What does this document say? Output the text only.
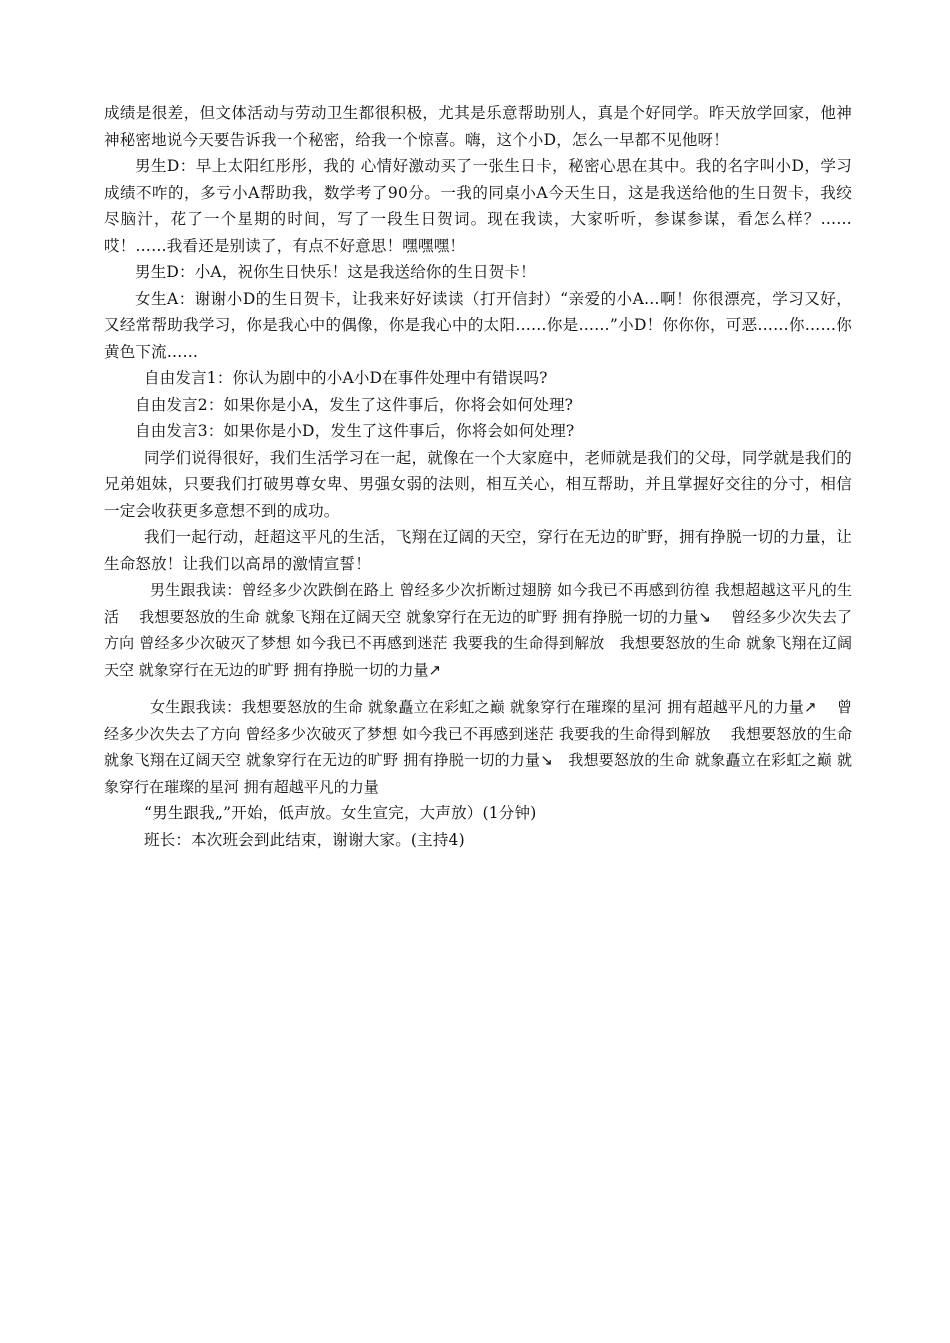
成绩是很差，但文体活动与劳动卫生都很积极，尤其是乐意帮助别人，真是个好同学。昨天放学回家，他神神秘密地说今天要告诉我一个秘密，给我一个惊喜。嗨，这个小D，怎么一早都不见他呀！

男生D：早上太阳红彤彤，我的 心情好激动买了一张生日卡，秘密心思在其中。我的名字叫小D，学习成绩不咋的，多亏小A帮助我，数学考了90分。一我的同桌小A今天生日，这是我送给他的生日贺卡，我绞尽脑汁，花了一个星期的时间，写了一段生日贺词。现在我读，大家听听，参谋参谋，看怎么样？……哎！……我看还是别读了，有点不好意思！嘿嘿嘿！

男生D：小A，祝你生日快乐！这是我送给你的生日贺卡！

女生A：谢谢小D的生日贺卡，让我来好好读读（打开信封）“亲爱的小A…啊！你很漂亮，学习又好，又经常帮助我学习，你是我心中的偶像，你是我心中的太阳……你是……”小D！你你你，可恶……你……你黄色下流……

自由发言1：你认为剧中的小A小D在事件处理中有错误吗?

自由发言2：如果你是小A，发生了这件事后，你将会如何处理?

自由发言3：如果你是小D，发生了这件事后，你将会如何处理?

同学们说得很好，我们生活学习在一起，就像在一个大家庭中，老师就是我们的父母，同学就是我们的兄弟姐妹，只要我们打破男尊女卑、男强女弱的法则，相互关心，相互帮助，并且掌握好交往的分寸，相信一定会收获更多意想不到的成功。

我们一起行动，赶超这平凡的生活，飞翔在辽阔的天空，穿行在无边的旷野，拥有挣脱一切的力量，让生命怒放！让我们以高昂的激情宣誓！

男生跟我读：曾经多少次跌倒在路上 曾经多少次折断过翅膀 如今我已不再感到彷徨 我想超越这平凡的生活　 我想要怒放的生命 就象飞翔在辽阔天空 就象穿行在无边的旷野 拥有挣脱一切的力量↘　 曾经多少次失去了方向 曾经多少次破灭了梦想 如今我已不再感到迷茫 我要我的生命得到解放　我想要怒放的生命 就象飞翔在辽阔天空 就象穿行在无边的旷野 拥有挣脱一切的力量↗

女生跟我读：我想要怒放的生命 就象矗立在彩虹之巅 就象穿行在璀璨的星河 拥有超越平凡的力量↗　 曾经多少次失去了方向 曾经多少次破灭了梦想 如今我已不再感到迷茫 我要我的生命得到解放　 我想要怒放的生命 就象飞翔在辽阔天空 就象穿行在无边的旷野 拥有挣脱一切的力量↘　我想要怒放的生命 就象矗立在彩虹之巅 就象穿行在璀璨的星河 拥有超越平凡的力量

“男生跟我„”开始，低声放。女生宣完，大声放）(1分钟)

班长：本次班会到此结束，谢谢大家。(主持4)
